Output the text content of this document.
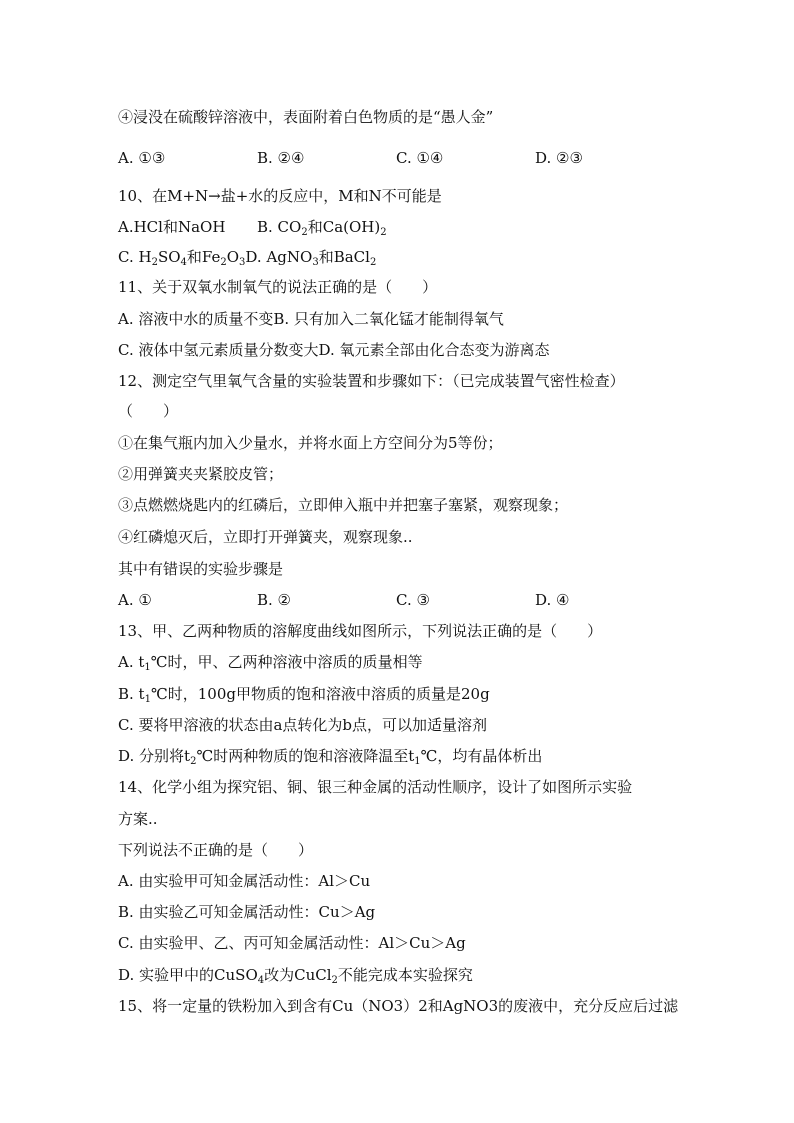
④浸没在硫酸锌溶液中，表面附着白色物质的是“愚人金”
A. ①③	B. ②④	C. ①④	D. ②③
10、在M+N→盐+水的反应中，M和N不可能是
A.HCl和NaOH B. $CO_2$和$Ca(OH)_2$
C. $H_2SO_4$和$Fe_2O_3D$. AgNO$_3$和BaCl$_2$
11、关于双氧水制氧气的说法正确的是（　　）
A. 溶液中水的质量不变B. 只有加入二氧化锰才能制得氧气
C. 液体中氢元素质量分数变大D. 氧元素全部由化合态变为游离态
12、测定空气里氧气含量的实验装置和步骤如下：（已完成装置气密性检查）
（　　）
①在集气瓶内加入少量水，并将水面上方空间分为5等份；
②用弹簧夹夹紧胶皮管；
③点燃燃烧匙内的红磷后，立即伸入瓶中并把塞子塞紧，观察现象；
④红磷熄灭后，立即打开弹簧夹，观察现象..
其中有错误的实验步骤是
A. ①	B. ②	C. ③	D. ④
13、甲、乙两种物质的溶解度曲线如图所示，下列说法正确的是（　　）
A. $t_1℃$时，甲、乙两种溶液中溶质的质量相等
B. $t_1℃$时，100g甲物质的饱和溶液中溶质的质量是20g
C. 要将甲溶液的状态由a点转化为b点，可以加适量溶剂
D. 分别将$t_2℃$时两种物质的饱和溶液降温至$t_1℃$，均有晶体析出
14、化学小组为探究铝、铜、银三种金属的活动性顺序，设计了如图所示实验
方案..
下列说法不正确的是（　　）
A. 由实验甲可知金属活动性：Al＞Cu
B. 由实验乙可知金属活动性：Cu＞Ag
C. 由实验甲、乙、丙可知金属活动性：Al＞Cu＞Ag
D. 实验甲中的CuSO$_4$改为CuCl$_2$不能完成本实验探究
15、将一定量的铁粉加入到含有Cu（NO3）2和AgNO3的废液中，充分反应后过滤
